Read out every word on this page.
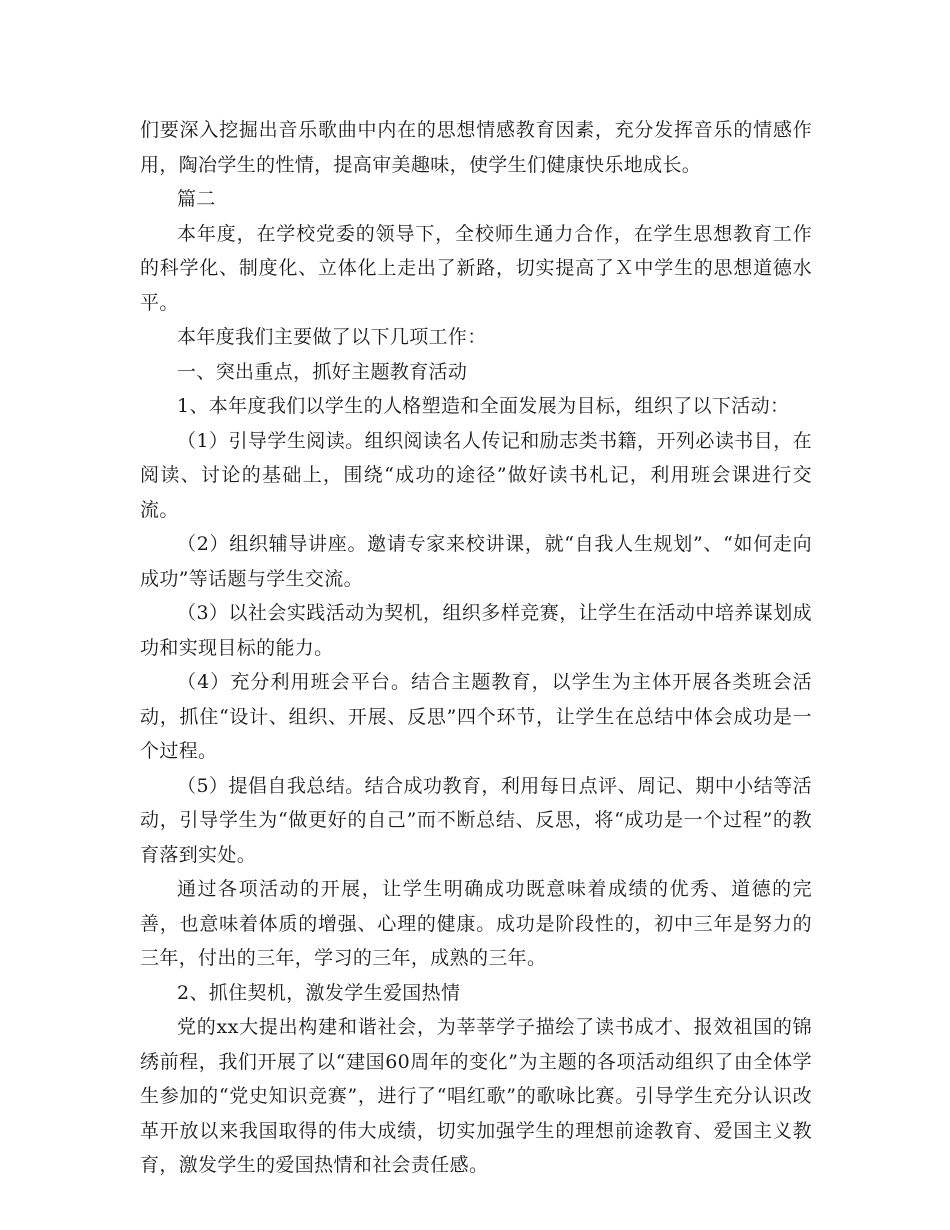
们要深入挖掘出音乐歌曲中内在的思想情感教育因素，充分发挥音乐的情感作用，陶冶学生的性情，提高审美趣味，使学生们健康快乐地成长。

篇二

本年度，在学校党委的领导下，全校师生通力合作，在学生思想教育工作的科学化、制度化、立体化上走出了新路，切实提高了Ｘ中学生的思想道德水平。

本年度我们主要做了以下几项工作：

一、突出重点，抓好主题教育活动

1、本年度我们以学生的人格塑造和全面发展为目标，组织了以下活动：

（1）引导学生阅读。组织阅读名人传记和励志类书籍，开列必读书目，在阅读、讨论的基础上，围绕“成功的途径”做好读书札记，利用班会课进行交流。

（2）组织辅导讲座。邀请专家来校讲课，就“自我人生规划”、“如何走向成功”等话题与学生交流。

（3）以社会实践活动为契机，组织多样竞赛，让学生在活动中培养谋划成功和实现目标的能力。

（4）充分利用班会平台。结合主题教育，以学生为主体开展各类班会活动，抓住“设计、组织、开展、反思”四个环节，让学生在总结中体会成功是一个过程。

（5）提倡自我总结。结合成功教育，利用每日点评、周记、期中小结等活动，引导学生为“做更好的自己”而不断总结、反思，将“成功是一个过程”的教育落到实处。

通过各项活动的开展，让学生明确成功既意味着成绩的优秀、道德的完善，也意味着体质的增强、心理的健康。成功是阶段性的，初中三年是努力的三年，付出的三年，学习的三年，成熟的三年。

2、抓住契机，激发学生爱国热情

党的xx大提出构建和谐社会，为莘莘学子描绘了读书成才、报效祖国的锦绣前程，我们开展了以“建国60周年的变化”为主题的各项活动组织了由全体学生参加的“党史知识竞赛”，进行了“唱红歌”的歌咏比赛。引导学生充分认识改革开放以来我国取得的伟大成绩，切实加强学生的理想前途教育、爱国主义教育，激发学生的爱国热情和社会责任感。
